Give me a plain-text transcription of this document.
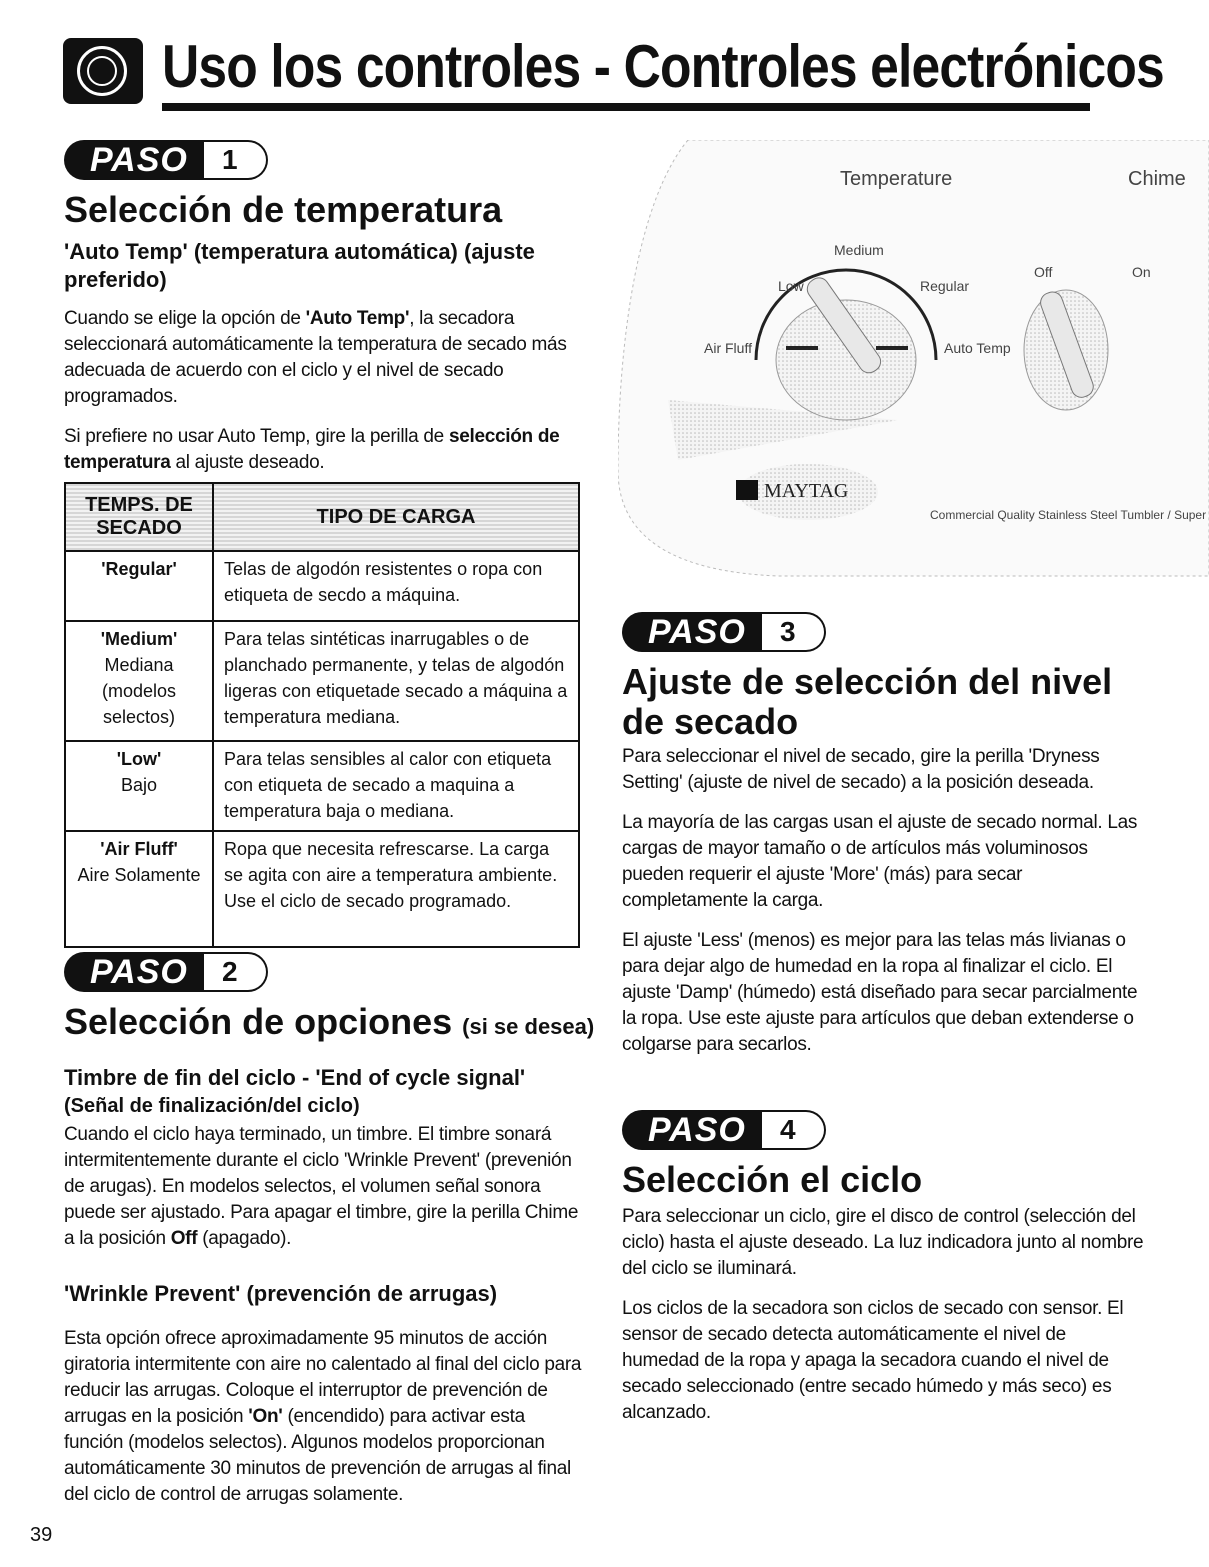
Uso los controles - Controles electrónicos
1
PASO
Selección de temperatura
'Auto Temp' (temperatura automática) (ajuste preferido)
Cuando se elige la opción de 'Auto Temp', la secadora seleccionará automáticamente la temperatura de secado más adecuada de acuerdo con el ciclo y el nivel de secado programados.
Si prefiere no usar Auto Temp, gire la perilla de selección de temperatura al ajuste deseado.
TEMPS. DE SECADO	TIPO DE CARGA
'Regular'	Telas de algodón resistentes o ropa con etiqueta de secdo a máquina.
'Medium'
Mediana (modelos selectos)	Para telas sintéticas inarrugables o de planchado permanente, y telas de algodón ligeras con etiquetade secado a máquina a temperatura mediana.
'Low'
Bajo	Para telas sensibles al calor con etiqueta con etiqueta de secado a maquina a temperatura baja o mediana.
'Air Fluff'
Aire Solamente	Ropa que necesita refrescarse. La carga se agita con aire a temperatura ambiente. Use el ciclo de secado programado.
2
PASO
Selección de opciones (si se desea)
Timbre de fin del ciclo - 'End of cycle signal'
(Señal de finalización/del ciclo)
Cuando el ciclo haya terminado, un timbre. El timbre sonará intermitentemente durante el ciclo 'Wrinkle Prevent' (prevenión de arugas). En modelos selectos, el volumen señal sonora puede ser ajustado. Para apagar el timbre, gire la perilla Chime a la posición Off (apagado).
'Wrinkle Prevent' (prevención de arrugas)
Esta opción ofrece aproximadamente 95 minutos de acción giratoria intermitente con aire no calentado al final del ciclo para reducir las arrugas. Coloque el interruptor de prevención de arrugas en la posición 'On' (encendido) para activar esta función (modelos selectos). Algunos modelos proporcionan automáticamente 30 minutos de prevención de arrugas al final del ciclo de control de arrugas solamente.
39
Temperature	Chime
Medium
Low	Regular
Air Fluff	Auto Temp
Off	On
MAYTAG
Commercial Quality Stainless Steel Tumbler / Super
3
PASO
Ajuste de selección del nivel de secado
Para seleccionar el nivel de secado, gire la perilla 'Dryness Setting' (ajuste de nivel de secado) a la posición deseada.
La mayoría de las cargas usan el ajuste de secado normal. Las cargas de mayor tamaño o de artículos más voluminosos pueden requerir el ajuste 'More' (más) para secar completamente la carga.
El ajuste 'Less' (menos) es mejor para las telas más livianas o para dejar algo de humedad en la ropa al finalizar el ciclo. El ajuste 'Damp' (húmedo) está diseñado para secar parcialmente la ropa. Use este ajuste para artículos que deban extenderse o colgarse para secarlos.
4
PASO
Selección el ciclo
Para seleccionar un ciclo, gire el disco de control (selección del ciclo) hasta el ajuste deseado. La luz indicadora junto al nombre del ciclo se iluminará.
Los ciclos de la secadora son ciclos de secado con sensor. El sensor de secado detecta automáticamente el nivel de humedad de la ropa y apaga la secadora cuando el nivel de secado seleccionado (entre secado húmedo y más seco) es alcanzado.
